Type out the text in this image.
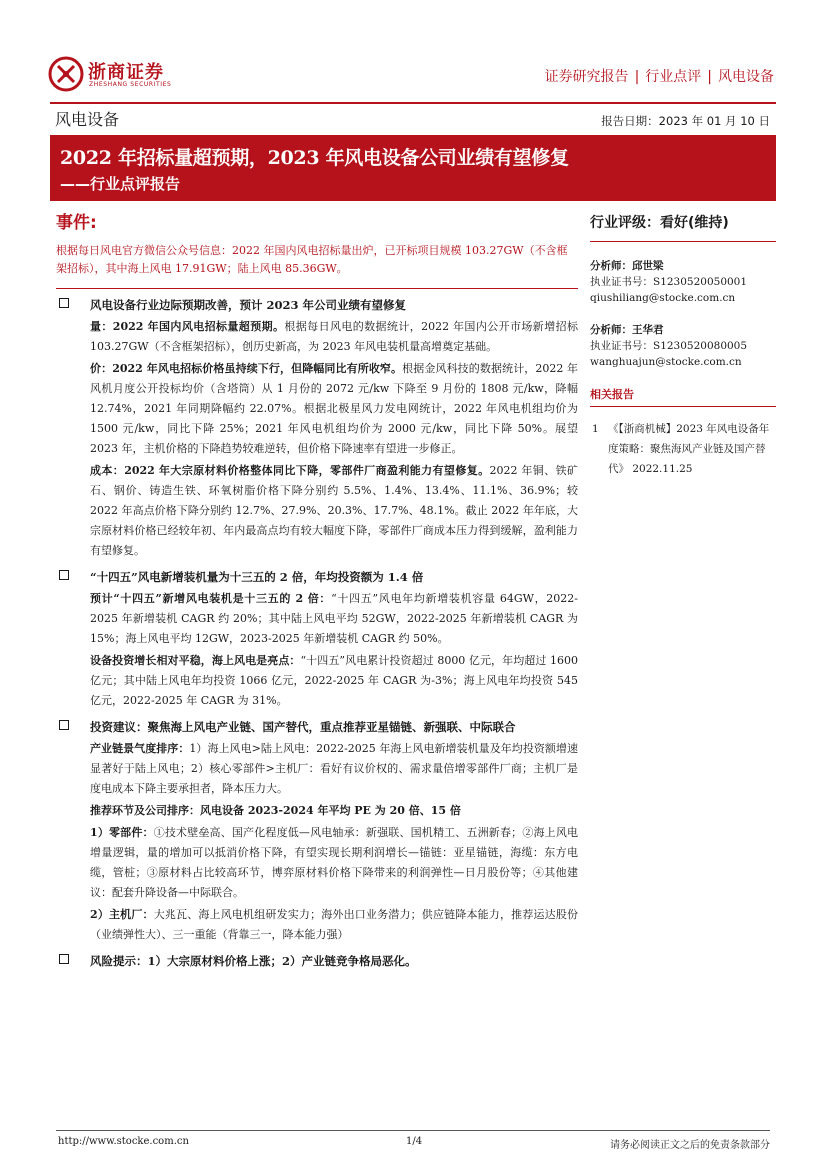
浙商证券
ZHESHANG SECURITIES	证券研究报告 | 行业点评 | 风电设备
风电设备	报告日期：2023 年 01 月 10 日
2022 年招标量超预期，2023 年风电设备公司业绩有望修复
——行业点评报告
事件:
根据每日风电官方微信公众号信息：2022 年国内风电招标量出炉，已开标项目规模 103.27GW（不含框架招标），其中海上风电 17.91GW；陆上风电 85.36GW。
风电设备行业边际预期改善，预计 2023 年公司业绩有望修复
量：2022 年国内风电招标量超预期。根据每日风电的数据统计，2022 年国内公开市场新增招标 103.27GW（不含框架招标），创历史新高，为 2023 年风电装机量高增奠定基础。
价：2022 年风电招标价格虽持续下行，但降幅同比有所收窄。根据金风科技的数据统计，2022 年风机月度公开投标均价（含塔筒）从 1 月份的 2072 元/kw 下降至 9 月份的 1808 元/kw，降幅 12.74%，2021 年同期降幅约 22.07%。根据北极星风力发电网统计，2022 年风电机组均价为 1500 元/kw，同比下降 25%；2021 年风电机组均价为 2000 元/kw，同比下降 50%。展望 2023 年，主机价格的下降趋势较难逆转，但价格下降速率有望进一步修正。
成本：2022 年大宗原材料价格整体同比下降，零部件厂商盈利能力有望修复。2022 年铜、铁矿石、钢价、铸造生铁、环氧树脂价格下降分别约 5.5%、1.4%、13.4%、11.1%、36.9%；较 2022 年高点价格下降分别约 12.7%、27.9%、20.3%、17.7%、48.1%。截止 2022 年年底，大宗原材料价格已经较年初、年内最高点均有较大幅度下降，零部件厂商成本压力得到缓解，盈利能力有望修复。
“十四五”风电新增装机量为十三五的 2 倍，年均投资额为 1.4 倍
预计“十四五”新增风电装机是十三五的 2 倍：“十四五”风电年均新增装机容量 64GW，2022-2025 年新增装机 CAGR 约 20%；其中陆上风电平均 52GW，2022-2025 年新增装机 CAGR 为 15%；海上风电平均 12GW，2023-2025 年新增装机 CAGR 约 50%。
设备投资增长相对平稳，海上风电是亮点：“十四五”风电累计投资超过 8000 亿元，年均超过 1600 亿元；其中陆上风电年均投资 1066 亿元，2022-2025 年 CAGR 为-3%；海上风电年均投资 545 亿元，2022-2025 年 CAGR 为 31%。
投资建议：聚焦海上风电产业链、国产替代，重点推荐亚星锚链、新强联、中际联合
产业链景气度排序：1）海上风电>陆上风电：2022-2025 年海上风电新增装机量及年均投资额增速显著好于陆上风电；2）核心零部件>主机厂：看好有议价权的、需求量倍增零部件厂商；主机厂是度电成本下降主要承担者，降本压力大。
推荐环节及公司排序：风电设备 2023-2024 年平均 PE 为 20 倍、15 倍
1）零部件：①技术壁垒高、国产化程度低—风电轴承：新强联、国机精工、五洲新春；②海上风电增量逻辑，量的增加可以抵消价格下降，有望实现长期利润增长—锚链：亚星锚链，海缆：东方电缆，管桩；③原材料占比较高环节，博弈原材料价格下降带来的利润弹性—日月股份等；④其他建议：配套升降设备—中际联合。
2）主机厂：大兆瓦、海上风电机组研发实力；海外出口业务潜力；供应链降本能力，推荐运达股份（业绩弹性大）、三一重能（背靠三一，降本能力强）
风险提示：1）大宗原材料价格上涨；2）产业链竞争格局恶化。
行业评级：看好(维持)
分析师：邱世梁
执业证书号：S1230520050001
qiushiliang@stocke.com.cn
分析师：王华君
执业证书号：S1230520080005
wanghuajun@stocke.com.cn
相关报告
1 《【浙商机械】2023 年风电设备年度策略：聚焦海风产业链及国产替代》 2022.11.25
http://www.stocke.com.cn	1/4	请务必阅读正文之后的免责条款部分
